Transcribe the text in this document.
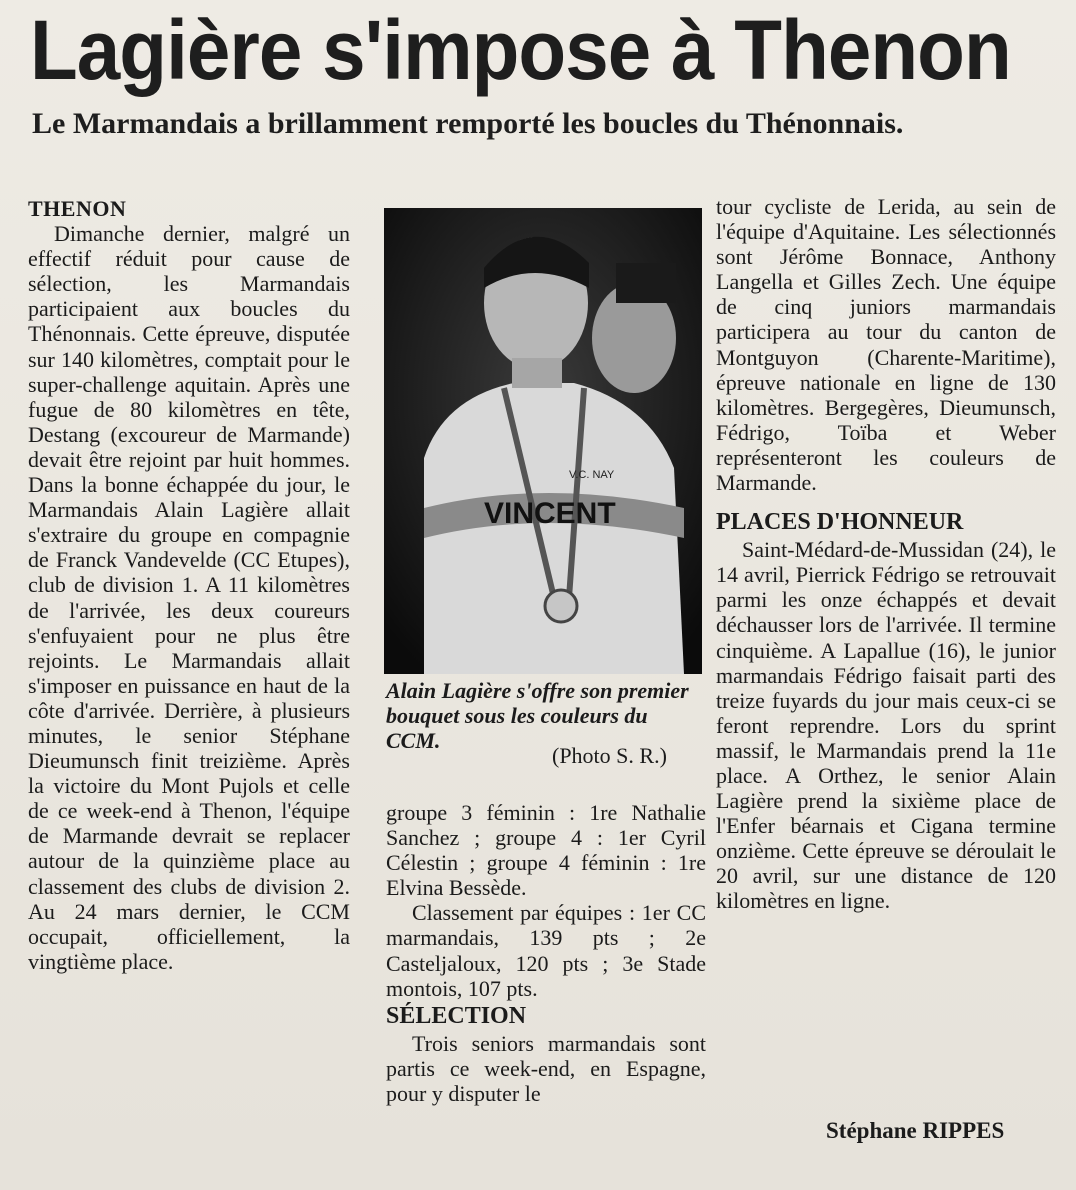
Lagière s'impose à Thenon
Le Marmandais a brillamment remporté les boucles du Thénonnais.

THENON

Dimanche dernier, malgré un effectif réduit pour cause de sélection, les Marmandais participaient aux boucles du Thénonnais. Cette épreuve, disputée sur 140 kilomètres, comptait pour le super-challenge aquitain. Après une fugue de 80 kilomètres en tête, Destang (excoureur de Marmande) devait être rejoint par huit hommes. Dans la bonne échappée du jour, le Marmandais Alain Lagière allait s'extraire du groupe en compagnie de Franck Vandevelde (CC Etupes), club de division 1. A 11 kilomètres de l'arrivée, les deux coureurs s'enfuyaient pour ne plus être rejoints. Le Marmandais allait s'imposer en puissance en haut de la côte d'arrivée. Derrière, à plusieurs minutes, le senior Stéphane Dieumunsch finit treizième. Après la victoire du Mont Pujols et celle de ce week-end à Thenon, l'équipe de Marmande devrait se replacer autour de la quinzième place au classement des clubs de division 2. Au 24 mars dernier, le CCM occupait, officiellement, la vingtième place.

VINCENT
V.C. NAY
Alain Lagière s'offre son premier bouquet sous les couleurs du CCM.
(Photo S. R.)

groupe 3 féminin : 1re Nathalie Sanchez ; groupe 4 : 1er Cyril Célestin ; groupe 4 féminin : 1re Elvina Bessède.

Classement par équipes : 1er CC marmandais, 139 pts ; 2e Casteljaloux, 120 pts ; 3e Stade montois, 107 pts.

SÉLECTION

Trois seniors marmandais sont partis ce week-end, en Espagne, pour y disputer le

tour cycliste de Lerida, au sein de l'équipe d'Aquitaine. Les sélectionnés sont Jérôme Bonnace, Anthony Langella et Gilles Zech. Une équipe de cinq juniors marmandais participera au tour du canton de Montguyon (Charente-Maritime), épreuve nationale en ligne de 130 kilomètres. Bergegères, Dieumunsch, Fédrigo, Toïba et Weber représenteront les couleurs de Marmande.

PLACES D'HONNEUR

Saint-Médard-de-Mussidan (24), le 14 avril, Pierrick Fédrigo se retrouvait parmi les onze échappés et devait déchausser lors de l'arrivée. Il termine cinquième. A Lapallue (16), le junior marmandais Fédrigo faisait parti des treize fuyards du jour mais ceux-ci se feront reprendre. Lors du sprint massif, le Marmandais prend la 11e place. A Orthez, le senior Alain Lagière prend la sixième place de l'Enfer béarnais et Cigana termine onzième. Cette épreuve se déroulait le 20 avril, sur une distance de 120 kilomètres en ligne.

Stéphane RIPPES
